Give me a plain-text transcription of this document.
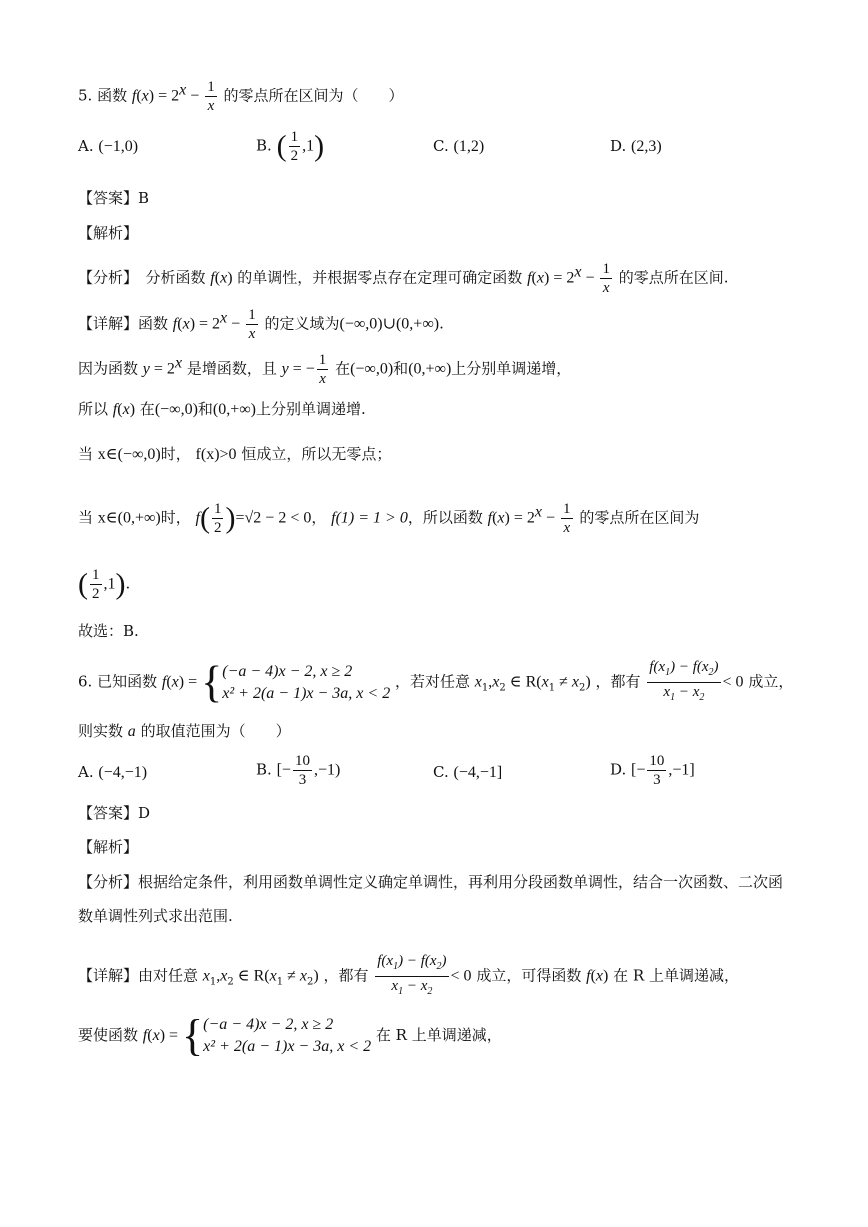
5. 函数 $f(x) = 2^x - \frac{1}{x}$ 的零点所在区间为（　　）
A. (−1,0)	B. ( $\frac{1}{2} ,1$)	C. (1,2)	D. (2,3)
【答案】B
【解析】
【分析】　分析函数 f(x) 的单调性，并根据零点存在定理可确定函数 $f(x) = 2^x - \frac{1}{x}$ 的零点所在区间.
【详解】函数 $f(x) = 2^x - \frac{1}{x}$ 的定义域为(−∞,0)∪(0,+∞).
因为函数 $y = 2^x$ 是增函数，且 y = − $\frac{1}{x}$ 在(−∞,0)和(0,+∞)上分别单调递增，
所以 f(x) 在(−∞,0)和(0,+∞)上分别单调递增.
当 x∈(−∞,0)时， f(x)>0 恒成立，所以无零点；
当 x∈(0,+∞)时， $f( \frac{1}{2} )=√2 - 2 < 0$， f(1) = 1 > 0，所以函数 $f(x) = 2^x - \frac{1}{x}$ 的零点所在区间为
( $\frac{1}{2} ,1$).
故选：B.
6. 已知函数 f(x) = { (−a − 4)x − 2, x ≥ 2
x² + 2(a − 1)x − 3a, x < 2
，若对任意 $x_1,x_2$ ∈ $R(x_1 \ne x_2)$ ，都有 $\frac{f(x_1) - f(x_2)}{x_1 - x_2} < 0$ 成立，
则实数 a 的取值范围为（　　）
A. (−4,−1)	B. [− $\frac{10}{3} ,-1$)	C. (−4,−1]	D. [− $\frac{10}{3} ,-1$]
【答案】D
【解析】
【分析】根据给定条件，利用函数单调性定义确定单调性，再利用分段函数单调性，结合一次函数、二次函
数单调性列式求出范围.
【详解】由对任意 $x_1,x_2$ ∈ $R(x_1 \ne x_2)$ ，都有 $\frac{f(x_1) - f(x_2)}{x_1 - x_2} < 0$ 成立，可得函数 f(x) 在 R 上单调递减，
要使函数 f(x) = { (−a − 4)x − 2, x ≥ 2
x² + 2(a − 1)x − 3a, x < 2
在 R 上单调递减，
